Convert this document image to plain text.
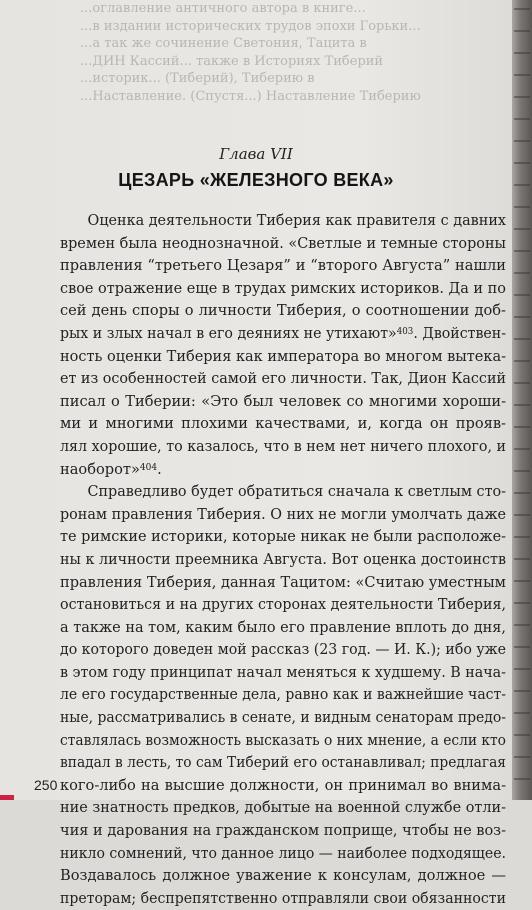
...оглавление античного автора в книге...
...в издании исторических трудов эпохи Горьки...
...а так же сочинение Светония, Тацита в
...ДИН Кассий... также в Историях Тиберий
...историк... (Тиберий), Тиберию в
...Наставление. (Спустя...) Наставление Тиберию
Глава VII
ЦЕЗАРЬ «ЖЕЛЕЗНОГО ВЕКА»
Оценка деятельности Тиберия как правителя с давних
времен была неоднозначной. «Светлые и темные стороны
правления “третьего Цезаря” и “второго Августа” нашли
свое отражение еще в трудах римских историков. Да и по
сей день споры о личности Тиберия, о соотношении доб-
рых и злых начал в его деяниях не утихают»$^{403}$. Двойствен-
ность оценки Тиберия как императора во многом вытека-
ет из особенностей самой его личности. Так, Дион Кассий
писал о Тиберии: «Это был человек со многими хороши-
ми и многими плохими качествами, и, когда он прояв-
лял хорошие, то казалось, что в нем нет ничего плохого, и
наоборот»$^{404}$.
Справедливо будет обратиться сначала к светлым сто-
ронам правления Тиберия. О них не могли умолчать даже
те римские историки, которые никак не были расположе-
ны к личности преемника Августа. Вот оценка достоинств
правления Тиберия, данная Тацитом: «Считаю уместным
остановиться и на других сторонах деятельности Тиберия,
а также на том, каким было его правление вплоть до дня,
до которого доведен мой рассказ (23 год. — И. К.); ибо уже
в этом году принципат начал меняться к худшему. В нача-
ле его государственные дела, равно как и важнейшие част-
ные, рассматривались в сенате, и видным сенаторам предо-
ставлялась возможность высказать о них мнение, а если кто
впадал в лесть, то сам Тиберий его останавливал; предлагая
кого-либо на высшие должности, он принимал во внима-
ние знатность предков, добытые на военной службе отли-
чия и дарования на гражданском поприще, чтобы не воз-
никло сомнений, что данное лицо — наиболее подходящее.
Воздавалось должное уважение к консулам, должное —
преторам; беспрепятственно отправляли свои обязанности
250
